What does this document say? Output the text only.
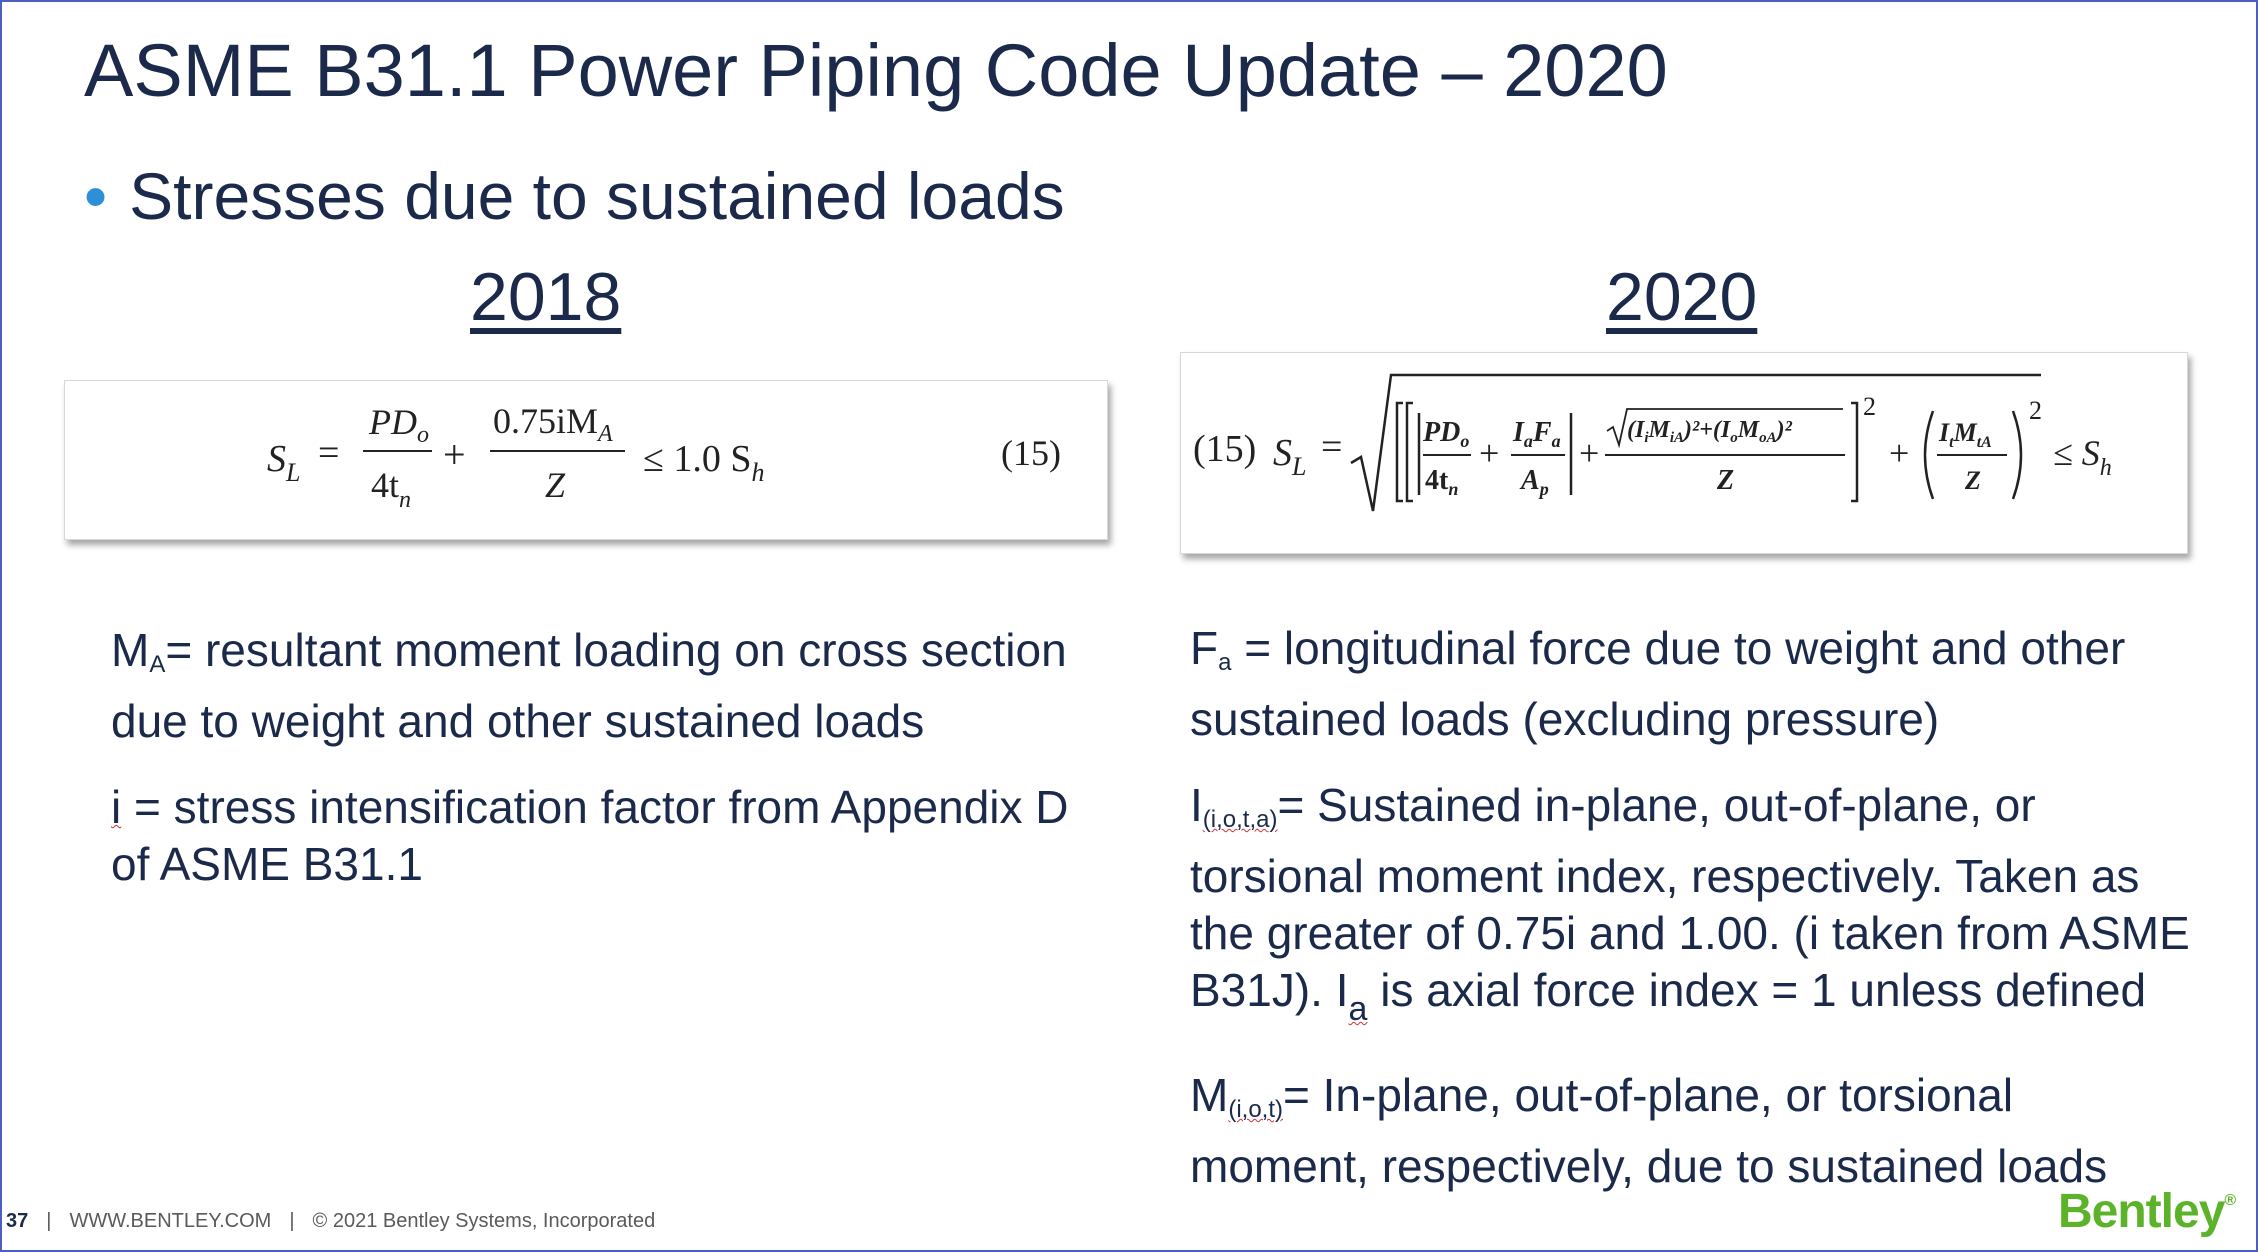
ASME B31.1 Power Piping Code Update – 2020
• Stresses due to sustained loads
2018	2020
$S_L$ =
$PD_o$
$4t_n$
+
$0.75iM_A$
Z
≤ 1.0 $S_h$	(15)	(15) $S_L$ =	$PD_o$
$4t_n$
+
$I_aF_a$
$A_p$
+
$(I_iM_{iA})^2+(I_oM_{oA})^2$
Z
2
+
$I_tM_{tA}$
Z
2
≤ $S_h$

$M_A=$ resultant moment loading on cross section due to weight and other sustained loads

i = stress intensification factor from Appendix D of ASME B31.1

$F_a$ = longitudinal force due to weight and other sustained loads (excluding pressure)

$I_{(i,o,t,a)}=$ Sustained in-plane, out-of-plane, or torsional moment index, respectively. Taken as the greater of 0.75i and 1.00. (i taken from ASME B31J). $I_a$ is axial force index = 1 unless defined

$M_{(i,o,t)}=$ In-plane, out-of-plane, or torsional moment, respectively, due to sustained loads

37 | WWW.BENTLEY.COM | © 2021 Bentley Systems, Incorporated	Bentley®
